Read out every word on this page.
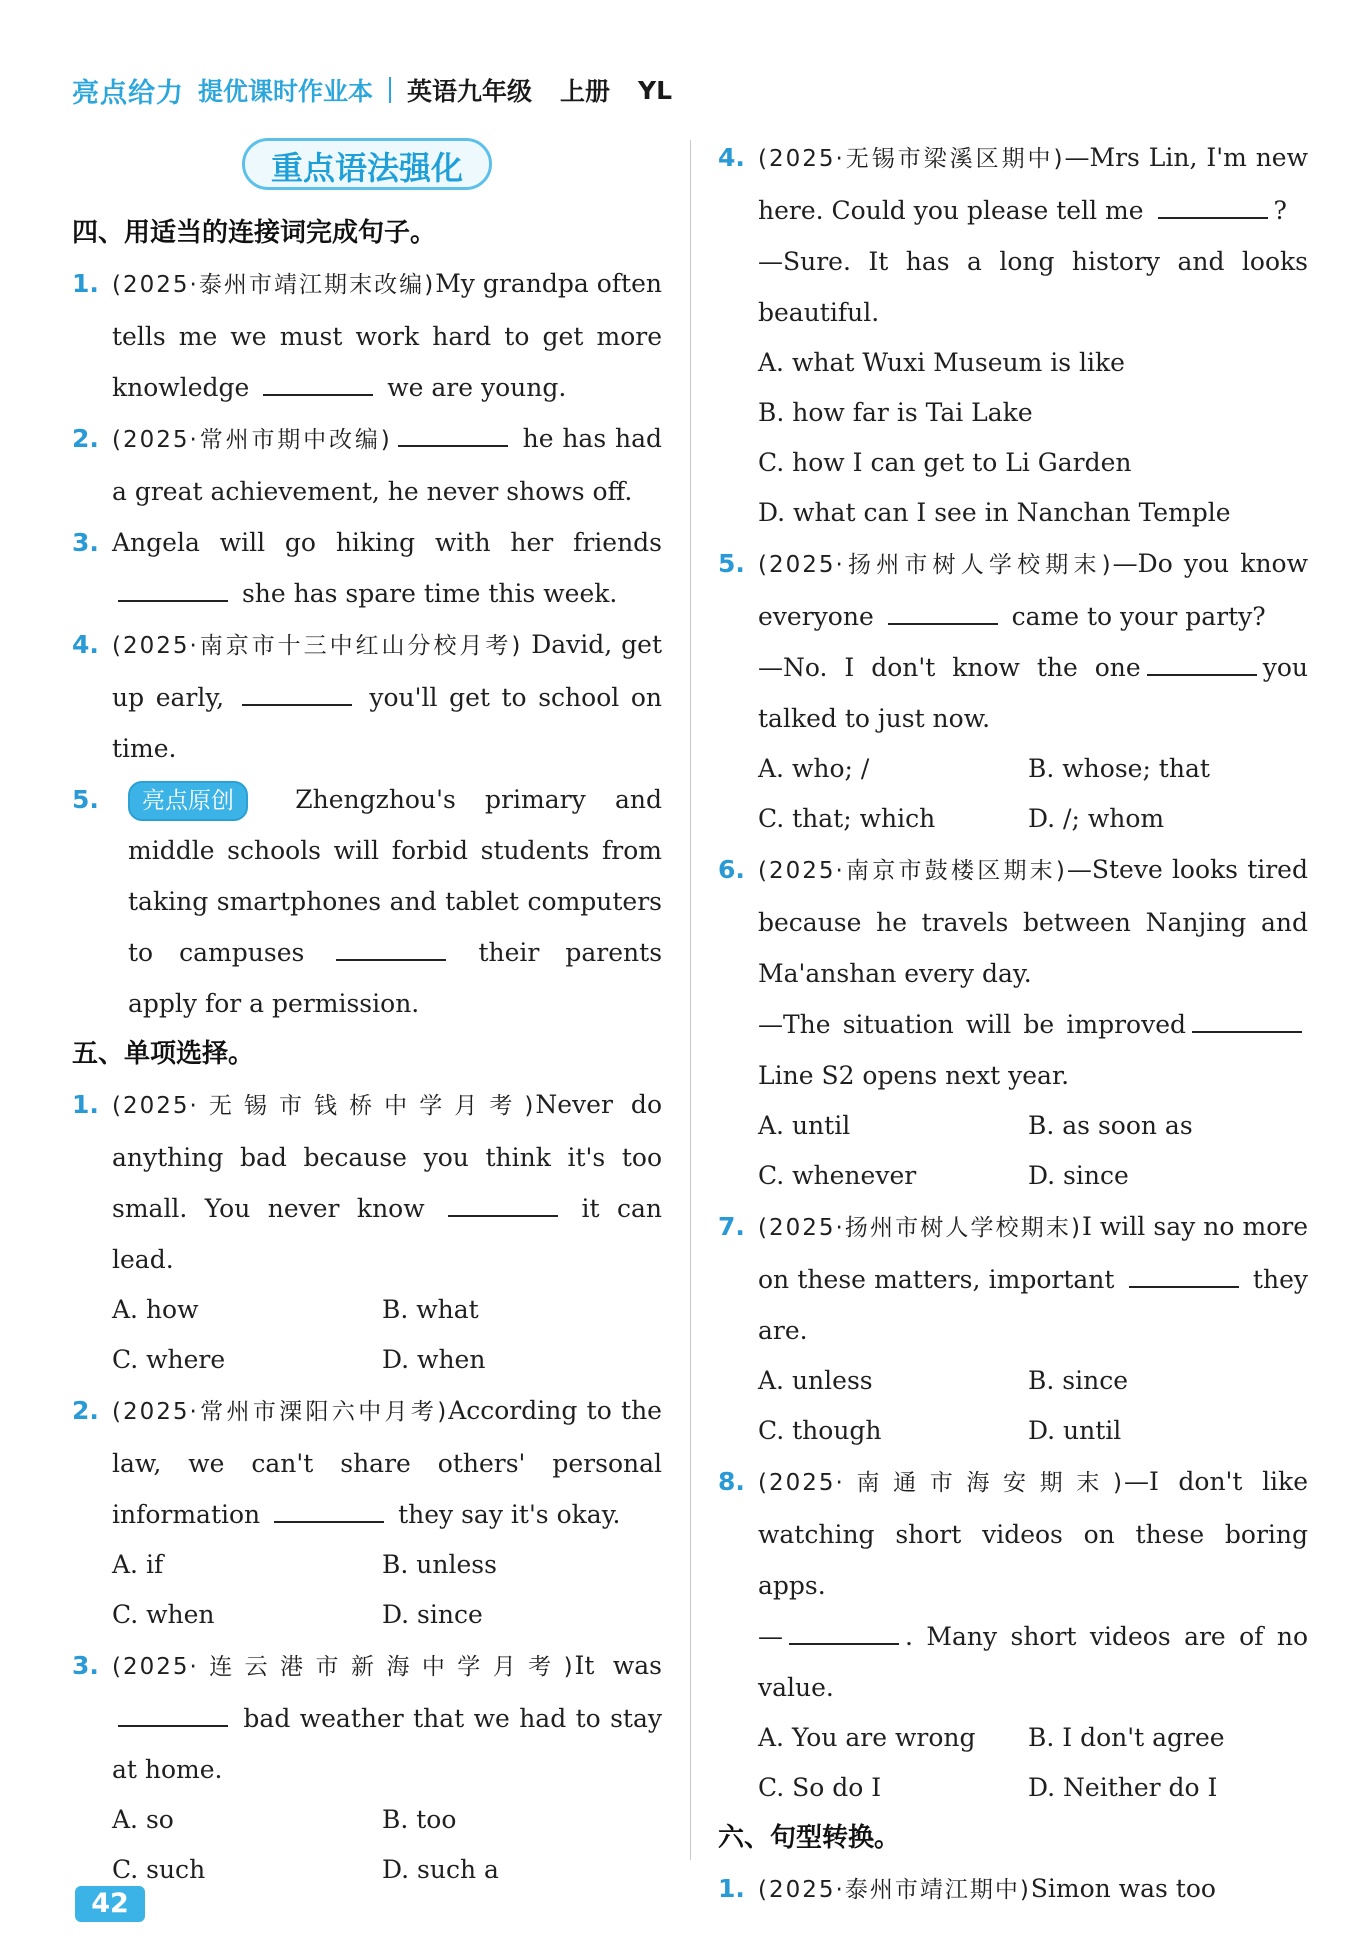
亮点给力 提优课时作业本 英语九年级 上册 YL
重点语法强化
四、用适当的连接词完成句子。
1. (2025·泰州市靖江期末改编)My grandpa often tells me we must work hard to get more knowledge	we are young.
2. (2025·常州市期中改编)	he has had a great achievement, he never shows off.
3. Angela will go hiking with her friends  she has spare time this week.
4. (2025·南京市十三中红山分校月考) David, get up early,	you'll get to school on time.
5. 亮点原创 Zhengzhou's primary and middle schools will forbid students from taking smartphones and tablet computers to campuses	their parents apply for a permission.
五、单项选择。
1. (2025·无锡市钱桥中学月考)Never do anything bad because you think it's too small. You never know	it can lead.
A. how	B. what
C. where	D. when
2. (2025·常州市溧阳六中月考)According to the law, we can't share others' personal information	they say it's okay.
A. if	B. unless
C. when	D. since
3. (2025·连云港市新海中学月考)It was  bad weather that we had to stay at home.
A. so	B. too
C. such	D. such a
4. (2025·无锡市梁溪区期中)—Mrs Lin, I'm new here. Could you please tell me	?
—Sure. It has a long history and looks beautiful.
A. what Wuxi Museum is like
B. how far is Tai Lake
C. how I can get to Li Garden
D. what can I see in Nanchan Temple
5. (2025·扬州市树人学校期末)—Do you know everyone	came to your party?
—No. I don't know the one	you talked to just now.
A. who; /	B. whose; that
C. that; which	D. /; whom
6. (2025·南京市鼓楼区期末)—Steve looks tired because he travels between Nanjing and Ma'anshan every day.
—The situation will be improvedLine S2 opens next year.
A. until	B. as soon as
C. whenever	D. since
7. (2025·扬州市树人学校期末)I will say no more on these matters, important	they are.
A. unless	B. since
C. though	D. until
8. (2025·南通市海安期末)—I don't like watching short videos on these boring apps.
—	. Many short videos are of no value.
A. You are wrong	B. I don't agree
C. So do I	D. Neither do I
六、句型转换。
1. (2025·泰州市靖江期中)Simon was too
42
